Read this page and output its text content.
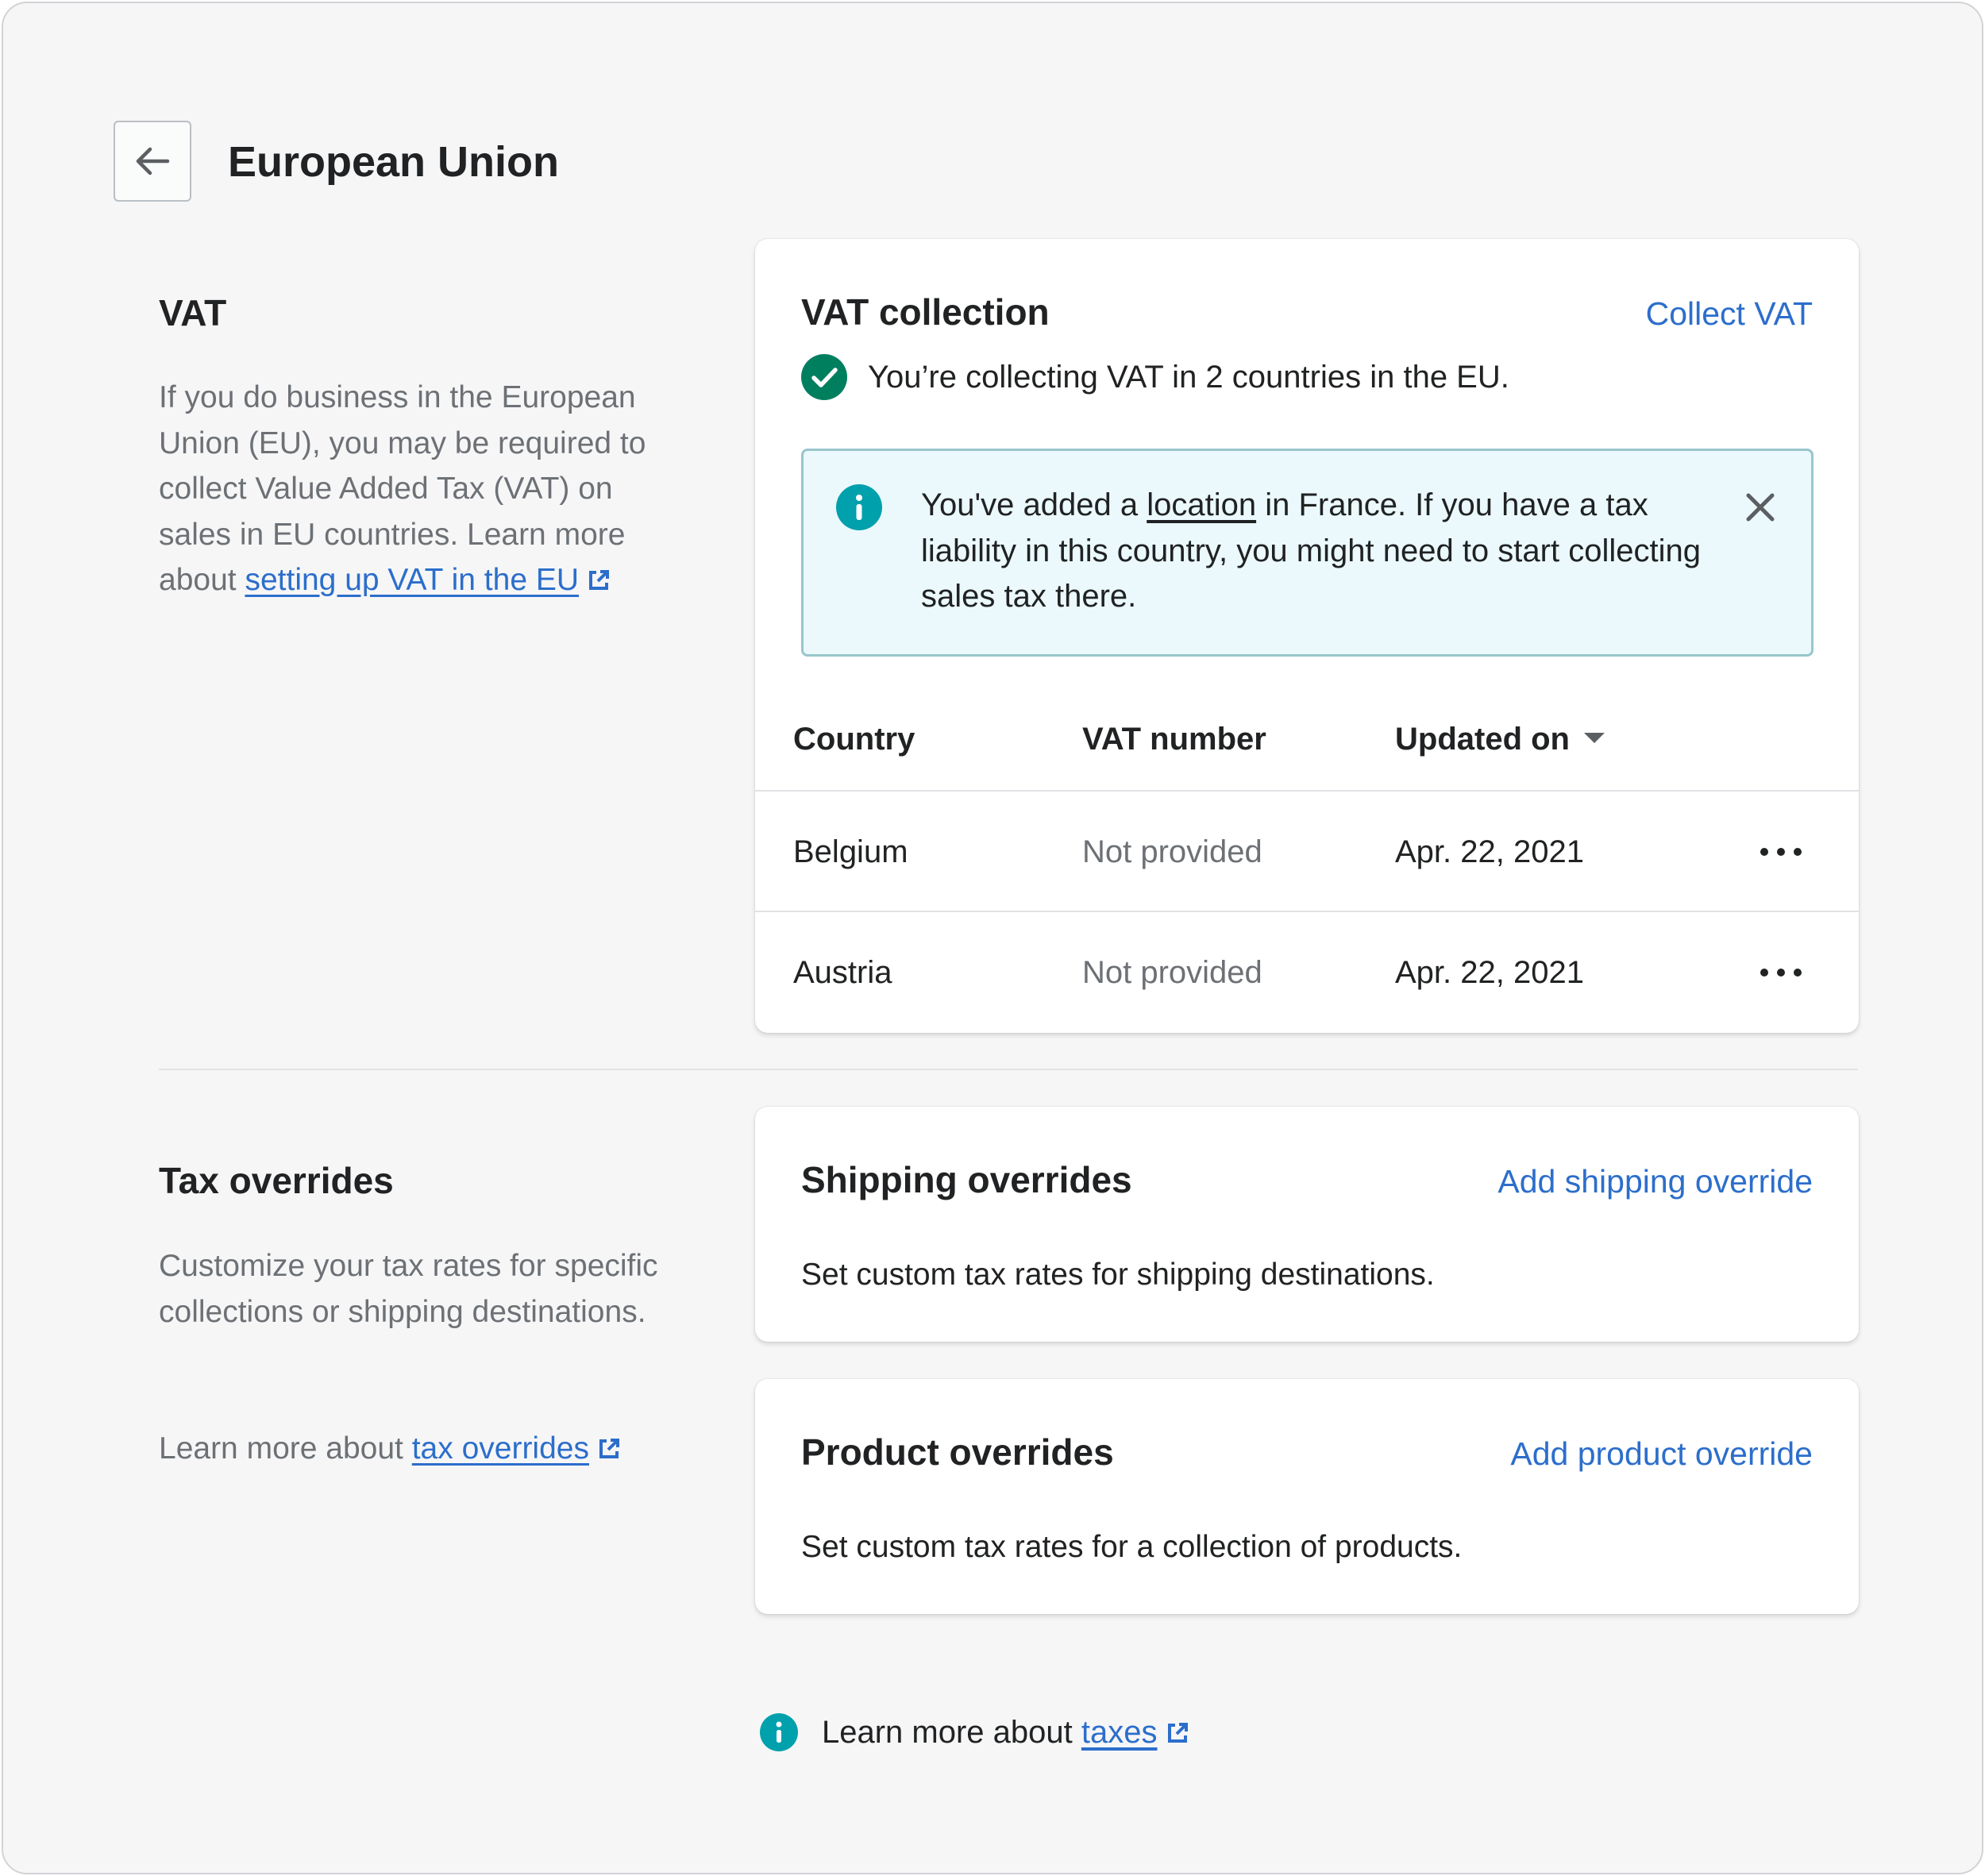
European Union
VAT
If you do business in the European Union (EU), you may be required to collect Value Added Tax (VAT) on sales in EU countries. Learn more about setting up VAT in the EU
VAT collection	Collect VAT
You’re collecting VAT in 2 countries in the EU.
You've added a location in France. If you have a tax liability in this country, you might need to start collecting sales tax there.
Country	VAT number	Updated on
Belgium	Not provided	Apr. 22, 2021
Austria	Not provided	Apr. 22, 2021
Tax overrides
Customize your tax rates for specific collections or shipping destinations.
Learn more about tax overrides
Shipping overrides	Add shipping override
Set custom tax rates for shipping destinations.
Product overrides	Add product override
Set custom tax rates for a collection of products.
Learn more about taxes
